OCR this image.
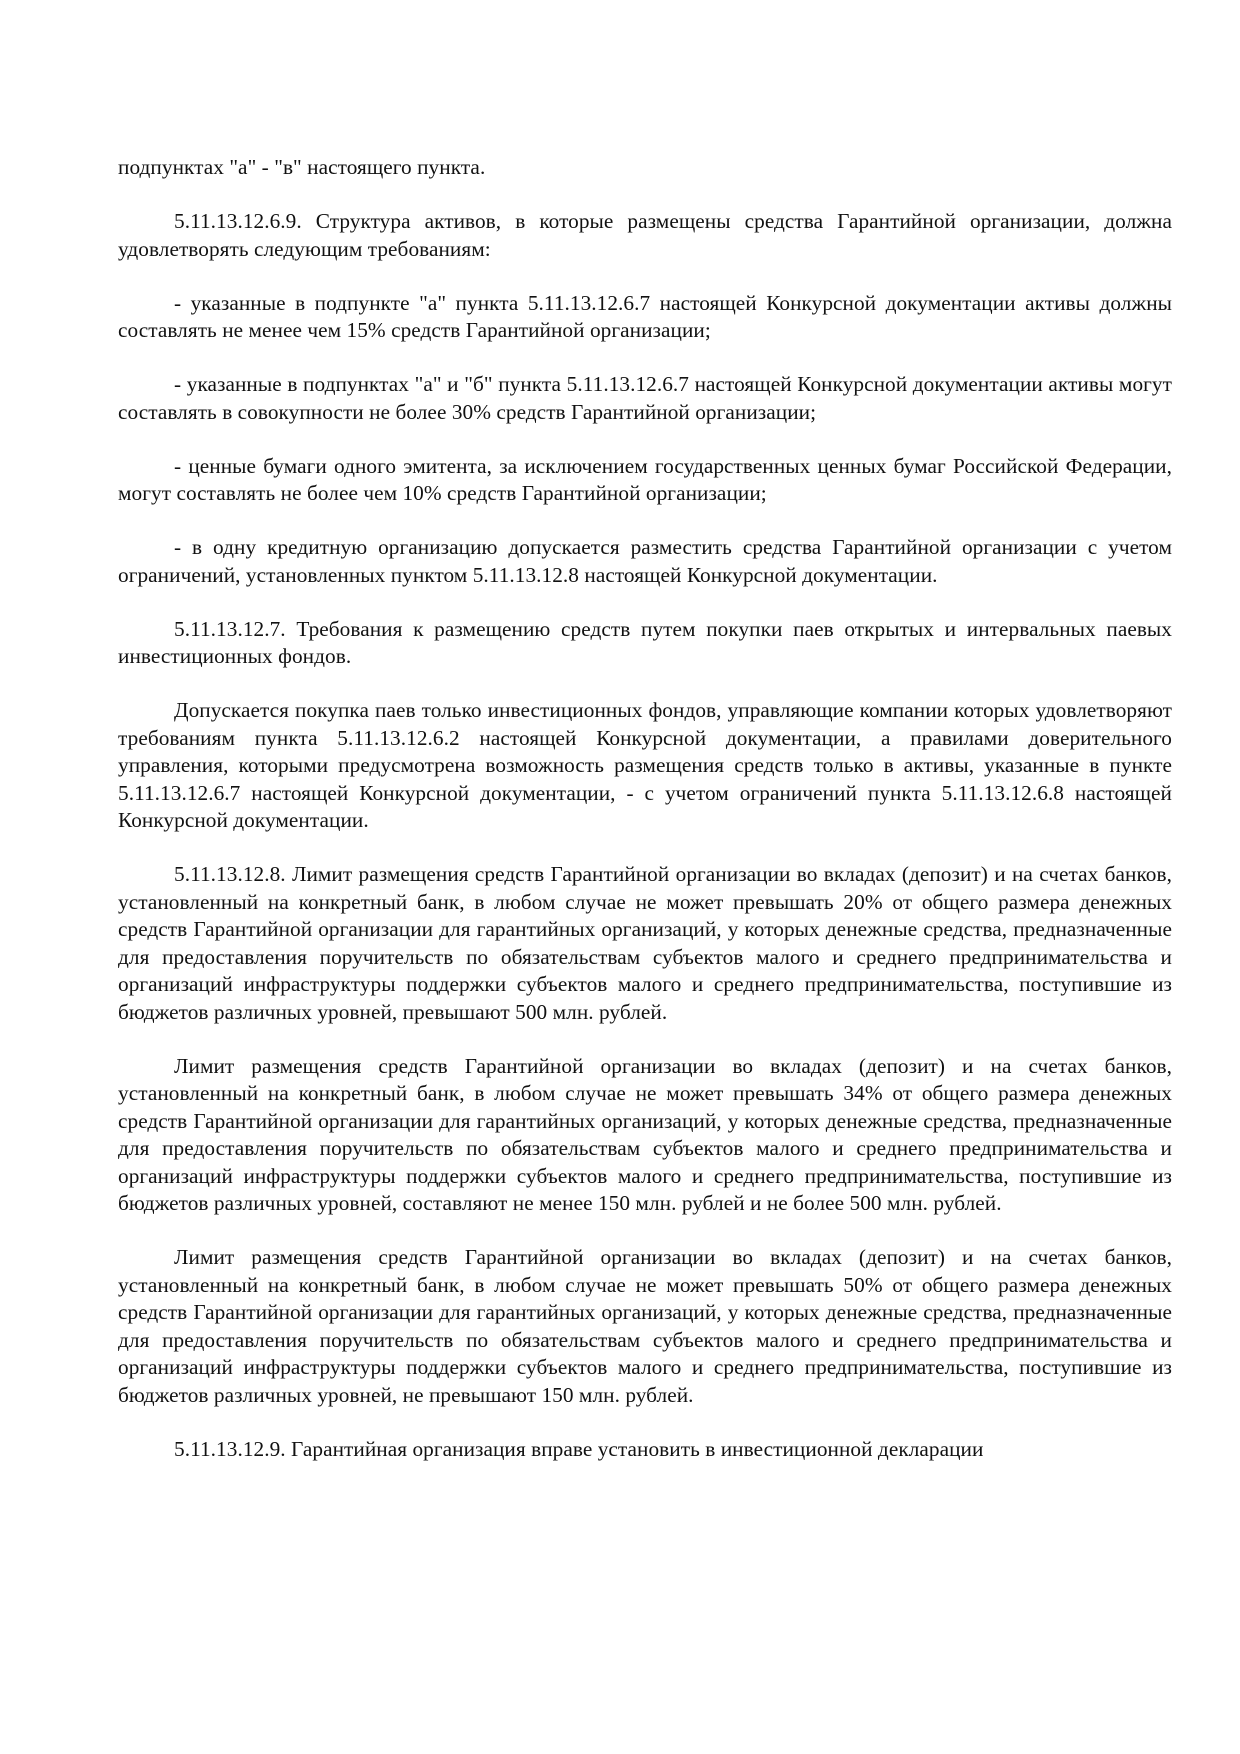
подпунктах "а" - "в" настоящего пункта.

5.11.13.12.6.9. Структура активов, в которые размещены средства Гарантийной организации, должна удовлетворять следующим требованиям:

- указанные в подпункте "а" пункта 5.11.13.12.6.7 настоящей Конкурсной документации активы должны составлять не менее чем 15% средств Гарантийной организации;

- указанные в подпунктах "а" и "б" пункта 5.11.13.12.6.7 настоящей Конкурсной документации активы могут составлять в совокупности не более 30% средств Гарантийной организации;

- ценные бумаги одного эмитента, за исключением государственных ценных бумаг Российской Федерации, могут составлять не более чем 10% средств Гарантийной организации;

- в одну кредитную организацию допускается разместить средства Гарантийной организации с учетом ограничений, установленных пунктом 5.11.13.12.8 настоящей Конкурсной документации.

5.11.13.12.7. Требования к размещению средств путем покупки паев открытых и интервальных паевых инвестиционных фондов.

Допускается покупка паев только инвестиционных фондов, управляющие компании которых удовлетворяют требованиям пункта 5.11.13.12.6.2 настоящей Конкурсной документации, а правилами доверительного управления, которыми предусмотрена возможность размещения средств только в активы, указанные в пункте 5.11.13.12.6.7 настоящей Конкурсной документации, - с учетом ограничений пункта 5.11.13.12.6.8 настоящей Конкурсной документации.

5.11.13.12.8. Лимит размещения средств Гарантийной организации во вкладах (депозит) и на счетах банков, установленный на конкретный банк, в любом случае не может превышать 20% от общего размера денежных средств Гарантийной организации для гарантийных организаций, у которых денежные средства, предназначенные для предоставления поручительств по обязательствам субъектов малого и среднего предпринимательства и организаций инфраструктуры поддержки субъектов малого и среднего предпринимательства, поступившие из бюджетов различных уровней, превышают 500 млн. рублей.

Лимит размещения средств Гарантийной организации во вкладах (депозит) и на счетах банков, установленный на конкретный банк, в любом случае не может превышать 34% от общего размера денежных средств Гарантийной организации для гарантийных организаций, у которых денежные средства, предназначенные для предоставления поручительств по обязательствам субъектов малого и среднего предпринимательства и организаций инфраструктуры поддержки субъектов малого и среднего предпринимательства, поступившие из бюджетов различных уровней, составляют не менее 150 млн. рублей и не более 500 млн. рублей.

Лимит размещения средств Гарантийной организации во вкладах (депозит) и на счетах банков, установленный на конкретный банк, в любом случае не может превышать 50% от общего размера денежных средств Гарантийной организации для гарантийных организаций, у которых денежные средства, предназначенные для предоставления поручительств по обязательствам субъектов малого и среднего предпринимательства и организаций инфраструктуры поддержки субъектов малого и среднего предпринимательства, поступившие из бюджетов различных уровней, не превышают 150 млн. рублей.

5.11.13.12.9. Гарантийная организация вправе установить в инвестиционной декларации
